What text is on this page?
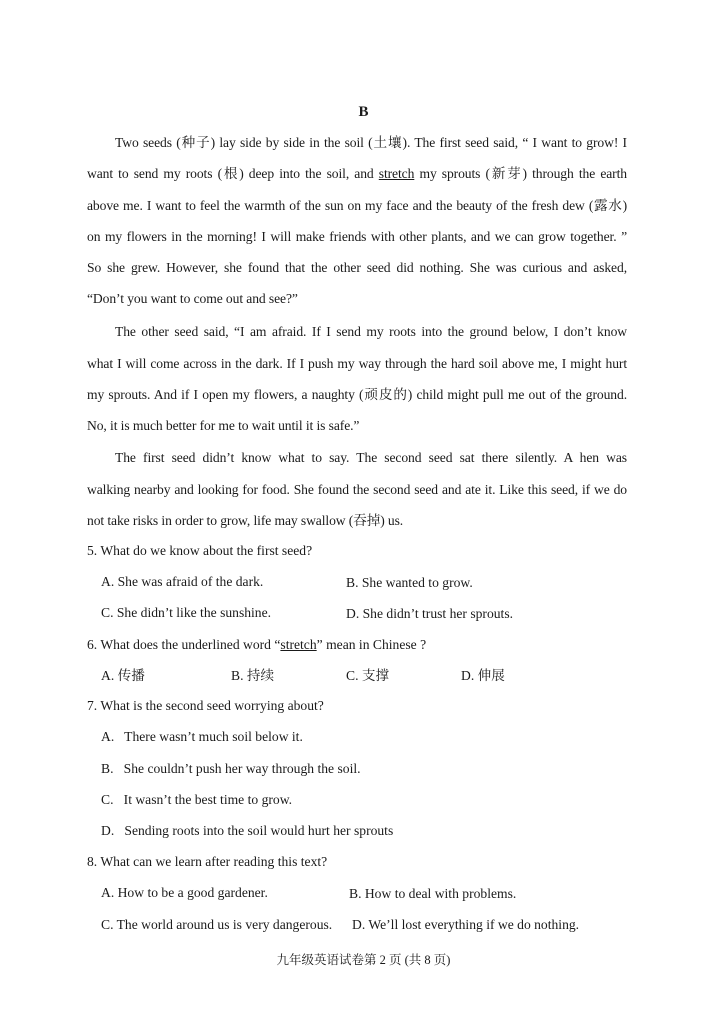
B
Two seeds (种子) lay side by side in the soil (土壤). The first seed said, “ I want to grow! I
want to send my roots (根) deep into the soil, and stretch my sprouts (新芽) through the earth
above me. I want to feel the warmth of the sun on my face and the beauty of the fresh dew (露水)
on my flowers in the morning! I will make friends with other plants, and we can grow together. ”
So she grew. However, she found that the other seed did nothing. She was curious and asked,
“Don’t you want to come out and see?”
The other seed said, “I am afraid. If I send my roots into the ground below, I don’t know
what I will come across in the dark. If I push my way through the hard soil above me, I might hurt
my sprouts. And if I open my flowers, a naughty (顽皮的) child might pull me out of the ground.
No, it is much better for me to wait until it is safe.”
The first seed didn’t know what to say. The second seed sat there silently. A hen was
walking nearby and looking for food. She found the second seed and ate it. Like this seed, if we do
not take risks in order to grow, life may swallow (吞掉) us.
5. What do we know about the first seed?
A. She was afraid of the dark.	B. She wanted to grow.
C. She didn’t like the sunshine.	D. She didn’t trust her sprouts.
6. What does the underlined word “stretch” mean in Chinese ?
A. 传播	B. 持续	C. 支撑	D. 伸展
7. What is the second seed worrying about?
A.   There wasn’t much soil below it.
B.   She couldn’t push her way through the soil.
C.   It wasn’t the best time to grow.
D.   Sending roots into the soil would hurt her sprouts
8. What can we learn after reading this text?
A. How to be a good gardener.	B. How to deal with problems.
C. The world around us is very dangerous. D. We’ll lost everything if we do nothing.
九年级英语试卷第 2 页 (共 8 页)
